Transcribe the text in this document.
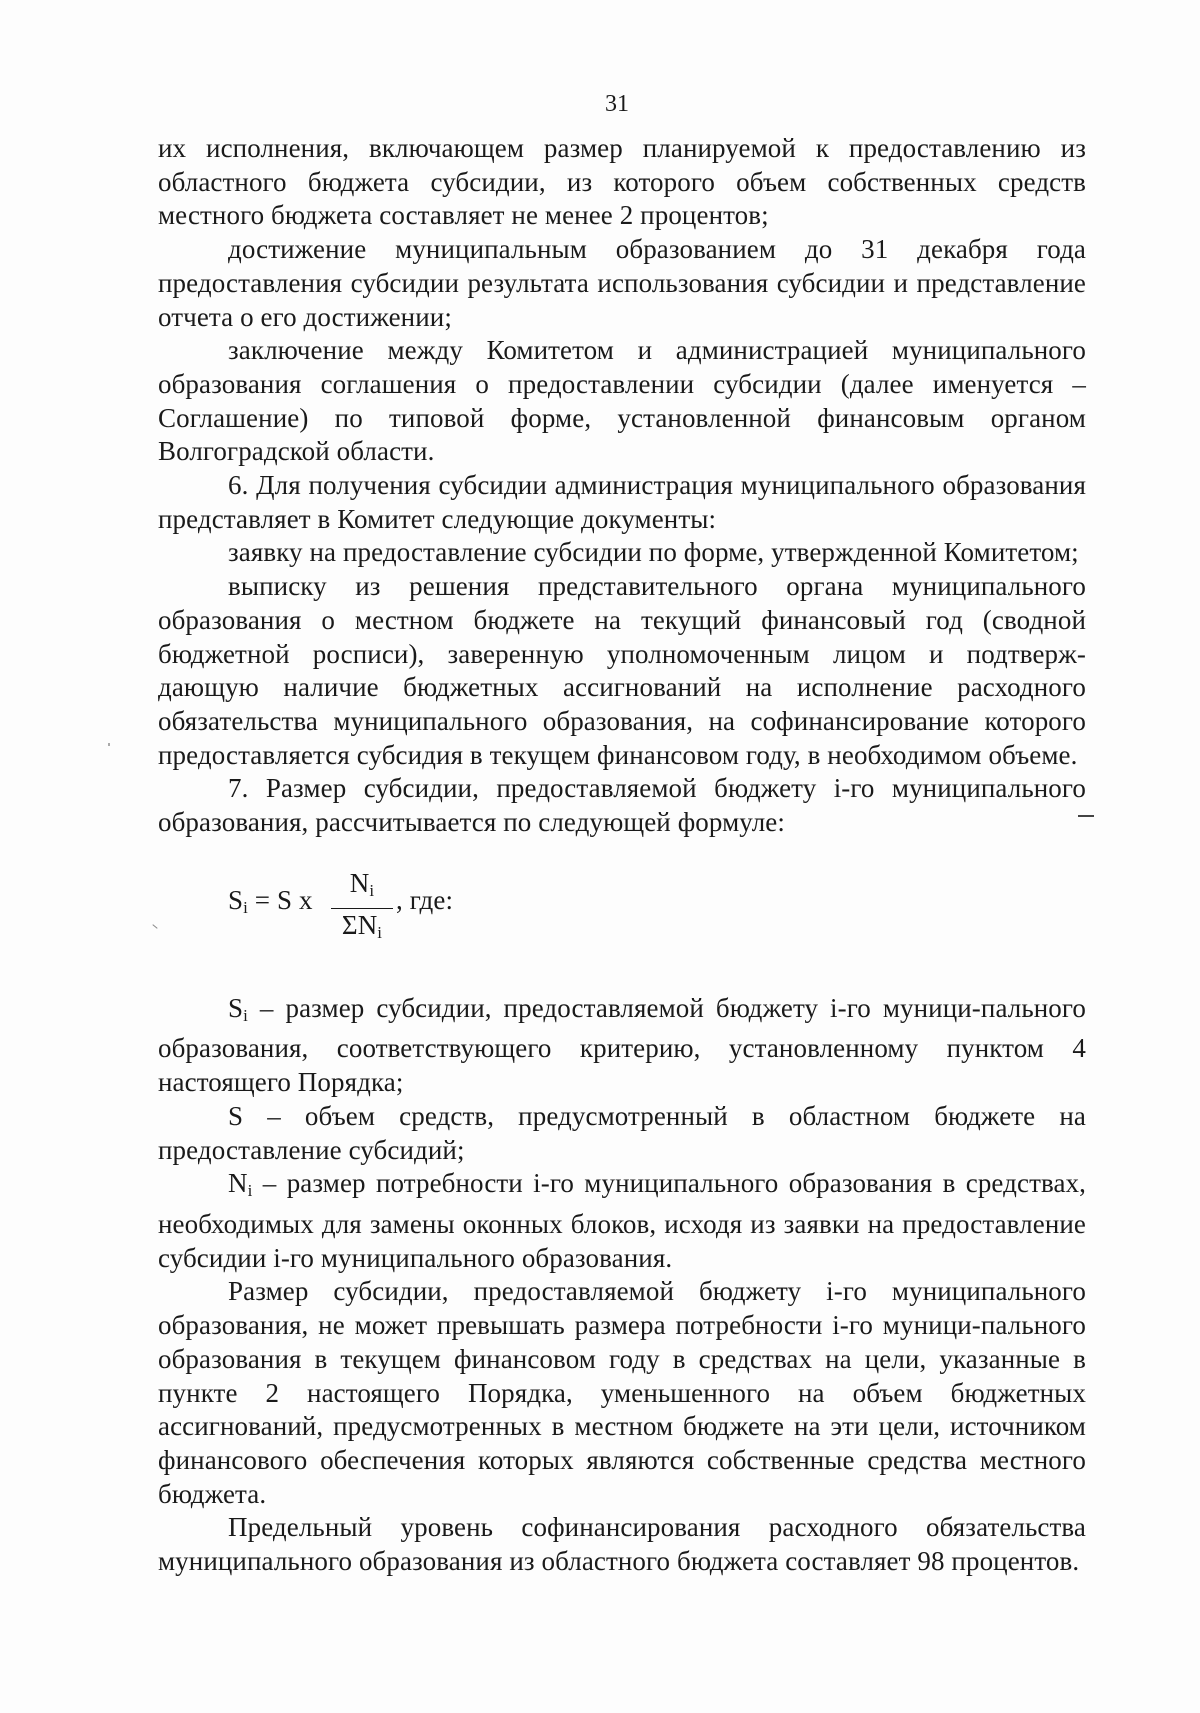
31

их исполнения, включающем размер планируемой к предоставлению из областного бюджета субсидии, из которого объем собственных средств местного бюджета составляет не менее 2 процентов;

достижение муниципальным образованием до 31 декабря года предоставления субсидии результата использования субсидии и представление отчета о его достижении;

заключение между Комитетом и администрацией муниципального образования соглашения о предоставлении субсидии (далее именуется – Соглашение) по типовой форме, установленной финансовым органом Волгоградской области.

6. Для получения субсидии администрация муниципального образования представляет в Комитет следующие документы:

заявку на предоставление субсидии по форме, утвержденной Комитетом;

выписку из решения представительного органа муниципального образования о местном бюджете на текущий финансовый год (сводной бюджетной росписи), заверенную уполномоченным лицом и подтверж-дающую наличие бюджетных ассигнований на исполнение расходного обязательства муниципального образования, на софинансирование которого предоставляется субсидия в текущем финансовом году, в необходимом объеме.

7. Размер субсидии, предоставляемой бюджету i-го муниципального образования, рассчитывается по следующей формуле:

$S_i = S$ x
$N_i$
$\Sigma N_i$
, где:

$S_i$ – размер субсидии, предоставляемой бюджету i-го муници-пального образования, соответствующего критерию, установленному пунктом 4 настоящего Порядка;

S – объем средств, предусмотренный в областном бюджете на предоставление субсидий;

$N_i$ – размер потребности i-го муниципального образования в средствах, необходимых для замены оконных блоков, исходя из заявки на предоставление субсидии i-го муниципального образования.

Размер субсидии, предоставляемой бюджету i-го муниципального образования, не может превышать размера потребности i-го муници-пального образования в текущем финансовом году в средствах на цели, указанные в пункте 2 настоящего Порядка, уменьшенного на объем бюджетных ассигнований, предусмотренных в местном бюджете на эти цели, источником финансового обеспечения которых являются собственные средства местного бюджета.

Предельный уровень софинансирования расходного обязательства муниципального образования из областного бюджета составляет 98 процентов.
